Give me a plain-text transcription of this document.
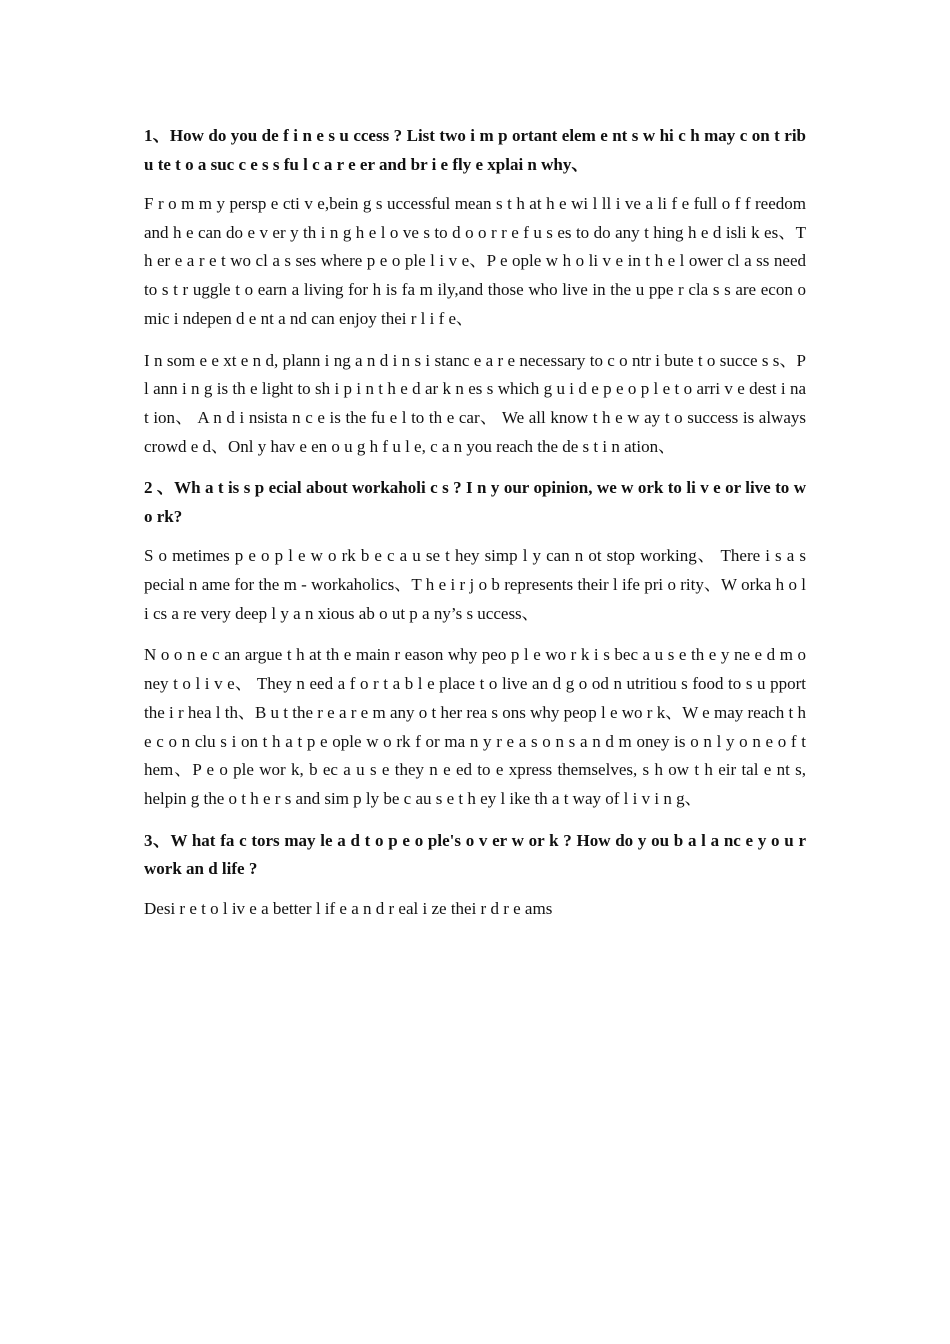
1、How do you de f i n e s u ccess ? List two i m p ortant elem e nt s w hi c h may c on t rib u te t o a suc c e s s fu l c a r e er and br i e fly e xplai n why、

F r o m m y persp e cti v e,bein g s uccessful mean s t h at h e wi l ll i ve a li f e full o f f reedom and h e can do e v er y th i n g h e l o ve s to d o o r r e f u s es to do any t hing h e d isli k es、T h er e a r e t wo cl a s ses where p e o ple l i v e、P e ople w h o li v e in t h e l ower cl a ss need to s t r uggle t o earn a living for h is fa m ily,and those who live in the u ppe r cla s s are econ o mic i ndepen d e nt a nd can enjoy thei r l i f e、

I n som e e xt e n d, plann i ng a n d i n s i stanc e a r e necessary to c o ntr i bute t o succe s s、P l ann i n g is th e light to sh i p i n t h e d ar k n es s which g u i d e p e o p l e t o arri v e dest i na t ion、 A n d i nsista n c e is the fu e l to th e car、 We all know t h e w ay t o success is always crowd e d、Onl y hav e en o u g h f u l e, c a n you reach the de s t i n ation、

2 、Wh a t is s p ecial about workaholi c s ? I n y our opinion, we w ork to li v e or live to w o rk?

S o metimes p e o p l e w o rk b e c a u se t hey simp l y can n ot stop working、 There i s a s pecial n ame for the m - workaholics、T h e i r j o b represents their l ife pri o rity、W orka h o l i cs a re very deep l y a n xious ab o ut p a ny’s s uccess、

N o o n e c an argue t h at th e main r eason why peo p l e wo r k i s bec a u s e th e y ne e d m o ney t o l i v e、 They n eed a f o r t a b l e place t o live an d g o od n utritiou s food to s u pport the i r hea l th、B u t the r e a r e m any o t her rea s ons why peop l e wo r k、W e may reach t h e c o n clu s i on t h a t p e ople w o rk f or ma n y r e a s o n s a n d m oney is o n l y o n e o f t hem、P e o ple wor k, b ec a u s e they n e ed to e xpress themselves, s h ow t h eir tal e nt s, helpin g the o t h e r s and sim p ly be c au s e t h ey l ike th a t way of l i v i n g、

3、W hat fa c tors may le a d t o p e o ple's o v er w or k ? How do y ou b a l a nc e y o u r work an d life ?

Desi r e t o l iv e a better l if e a n d r eal i ze thei r d r e ams
